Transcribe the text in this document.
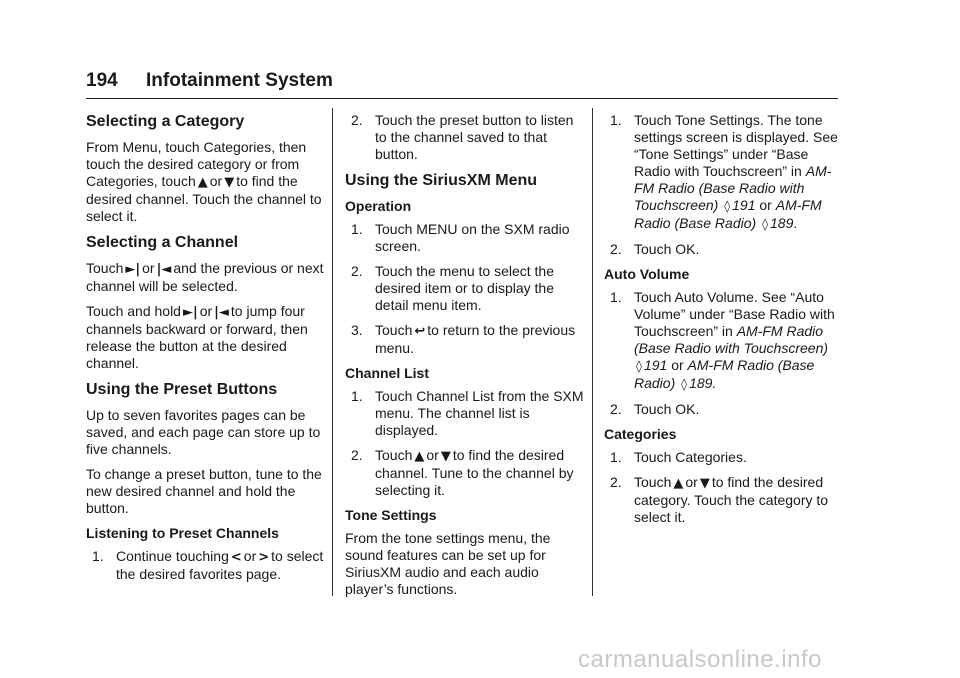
194 Infotainment System
Selecting a Category

From Menu, touch Categories, then touch the desired category or from Categories, touch ▲ or ▼ to find the desired channel. Touch the channel to select it.

Selecting a Channel

Touch ►| or |◄ and the previous or next channel will be selected.

Touch and hold ►| or |◄ to jump four channels backward or forward, then release the button at the desired channel.

Using the Preset Buttons

Up to seven favorites pages can be saved, and each page can store up to five channels.

To change a preset button, tune to the new desired channel and hold the button.

Listening to Preset Channels
1. Continue touching < or > to select the desired favorites page.
2. Touch the preset button to listen to the channel saved to that button.
Using the SiriusXM Menu
Operation
1. Touch MENU on the SXM radio screen.
2. Touch the menu to select the desired item or to display the detail menu item.
3. Touch ↩ to return to the previous menu.
Channel List
1. Touch Channel List from the SXM menu. The channel list is displayed.
2. Touch ▲ or ▼ to find the desired channel. Tune to the channel by selecting it.
Tone Settings

From the tone settings menu, the sound features can be set up for SiriusXM audio and each audio player’s functions.

1. Touch Tone Settings. The tone settings screen is displayed. See “Tone Settings” under “Base Radio with Touchscreen” in AM-FM Radio (Base Radio with Touchscreen) ◊ 191 or AM-FM Radio (Base Radio) ◊ 189.
2. Touch OK.
Auto Volume
1. Touch Auto Volume. See “Auto Volume” under “Base Radio with Touchscreen” in AM-FM Radio (Base Radio with Touchscreen) ◊ 191 or AM-FM Radio (Base Radio) ◊ 189.
2. Touch OK.
Categories
1. Touch Categories.
2. Touch ▲ or ▼ to find the desired category. Touch the category to select it.
carmanualsonline.info
